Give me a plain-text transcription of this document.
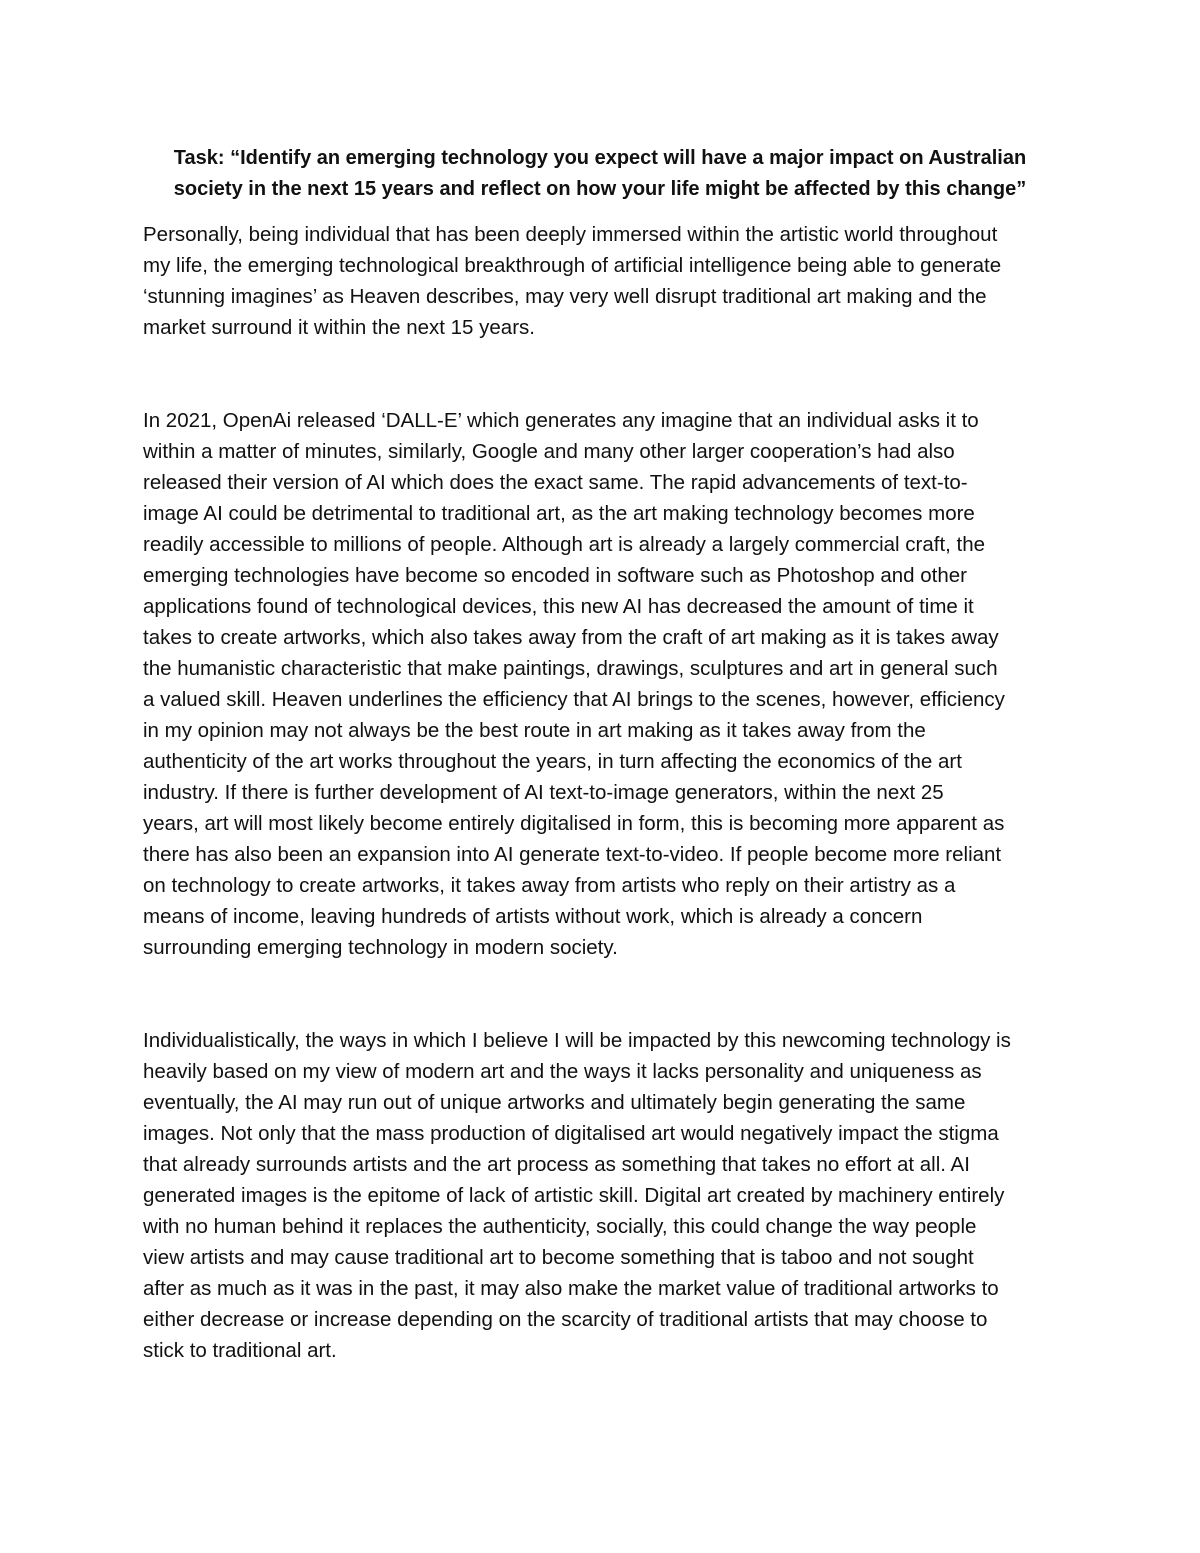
Task: “Identify an emerging technology you expect will have a major impact on Australian
society in the next 15 years and reflect on how your life might be affected by this change”
Personally, being individual that has been deeply immersed within the artistic world throughout
my life, the emerging technological breakthrough of artificial intelligence being able to generate
‘stunning imagines’ as Heaven describes, may very well disrupt traditional art making and the
market surround it within the next 15 years.
In 2021, OpenAi released ‘DALL-E’ which generates any imagine that an individual asks it to
within a matter of minutes, similarly, Google and many other larger cooperation’s had also
released their version of AI which does the exact same. The rapid advancements of text-to-
image AI could be detrimental to traditional art, as the art making technology becomes more
readily accessible to millions of people. Although art is already a largely commercial craft, the
emerging technologies have become so encoded in software such as Photoshop and other
applications found of technological devices, this new AI has decreased the amount of time it
takes to create artworks, which also takes away from the craft of art making as it is takes away
the humanistic characteristic that make paintings, drawings, sculptures and art in general such
a valued skill. Heaven underlines the efficiency that AI brings to the scenes, however, efficiency
in my opinion may not always be the best route in art making as it takes away from the
authenticity of the art works throughout the years, in turn affecting the economics of the art
industry. If there is further development of AI text-to-image generators, within the next 25
years, art will most likely become entirely digitalised in form, this is becoming more apparent as
there has also been an expansion into AI generate text-to-video. If people become more reliant
on technology to create artworks, it takes away from artists who reply on their artistry as a
means of income, leaving hundreds of artists without work, which is already a concern
surrounding emerging technology in modern society.
Individualistically, the ways in which I believe I will be impacted by this newcoming technology is
heavily based on my view of modern art and the ways it lacks personality and uniqueness as
eventually, the AI may run out of unique artworks and ultimately begin generating the same
images. Not only that the mass production of digitalised art would negatively impact the stigma
that already surrounds artists and the art process as something that takes no effort at all. AI
generated images is the epitome of lack of artistic skill. Digital art created by machinery entirely
with no human behind it replaces the authenticity, socially, this could change the way people
view artists and may cause traditional art to become something that is taboo and not sought
after as much as it was in the past, it may also make the market value of traditional artworks to
either decrease or increase depending on the scarcity of traditional artists that may choose to
stick to traditional art.
